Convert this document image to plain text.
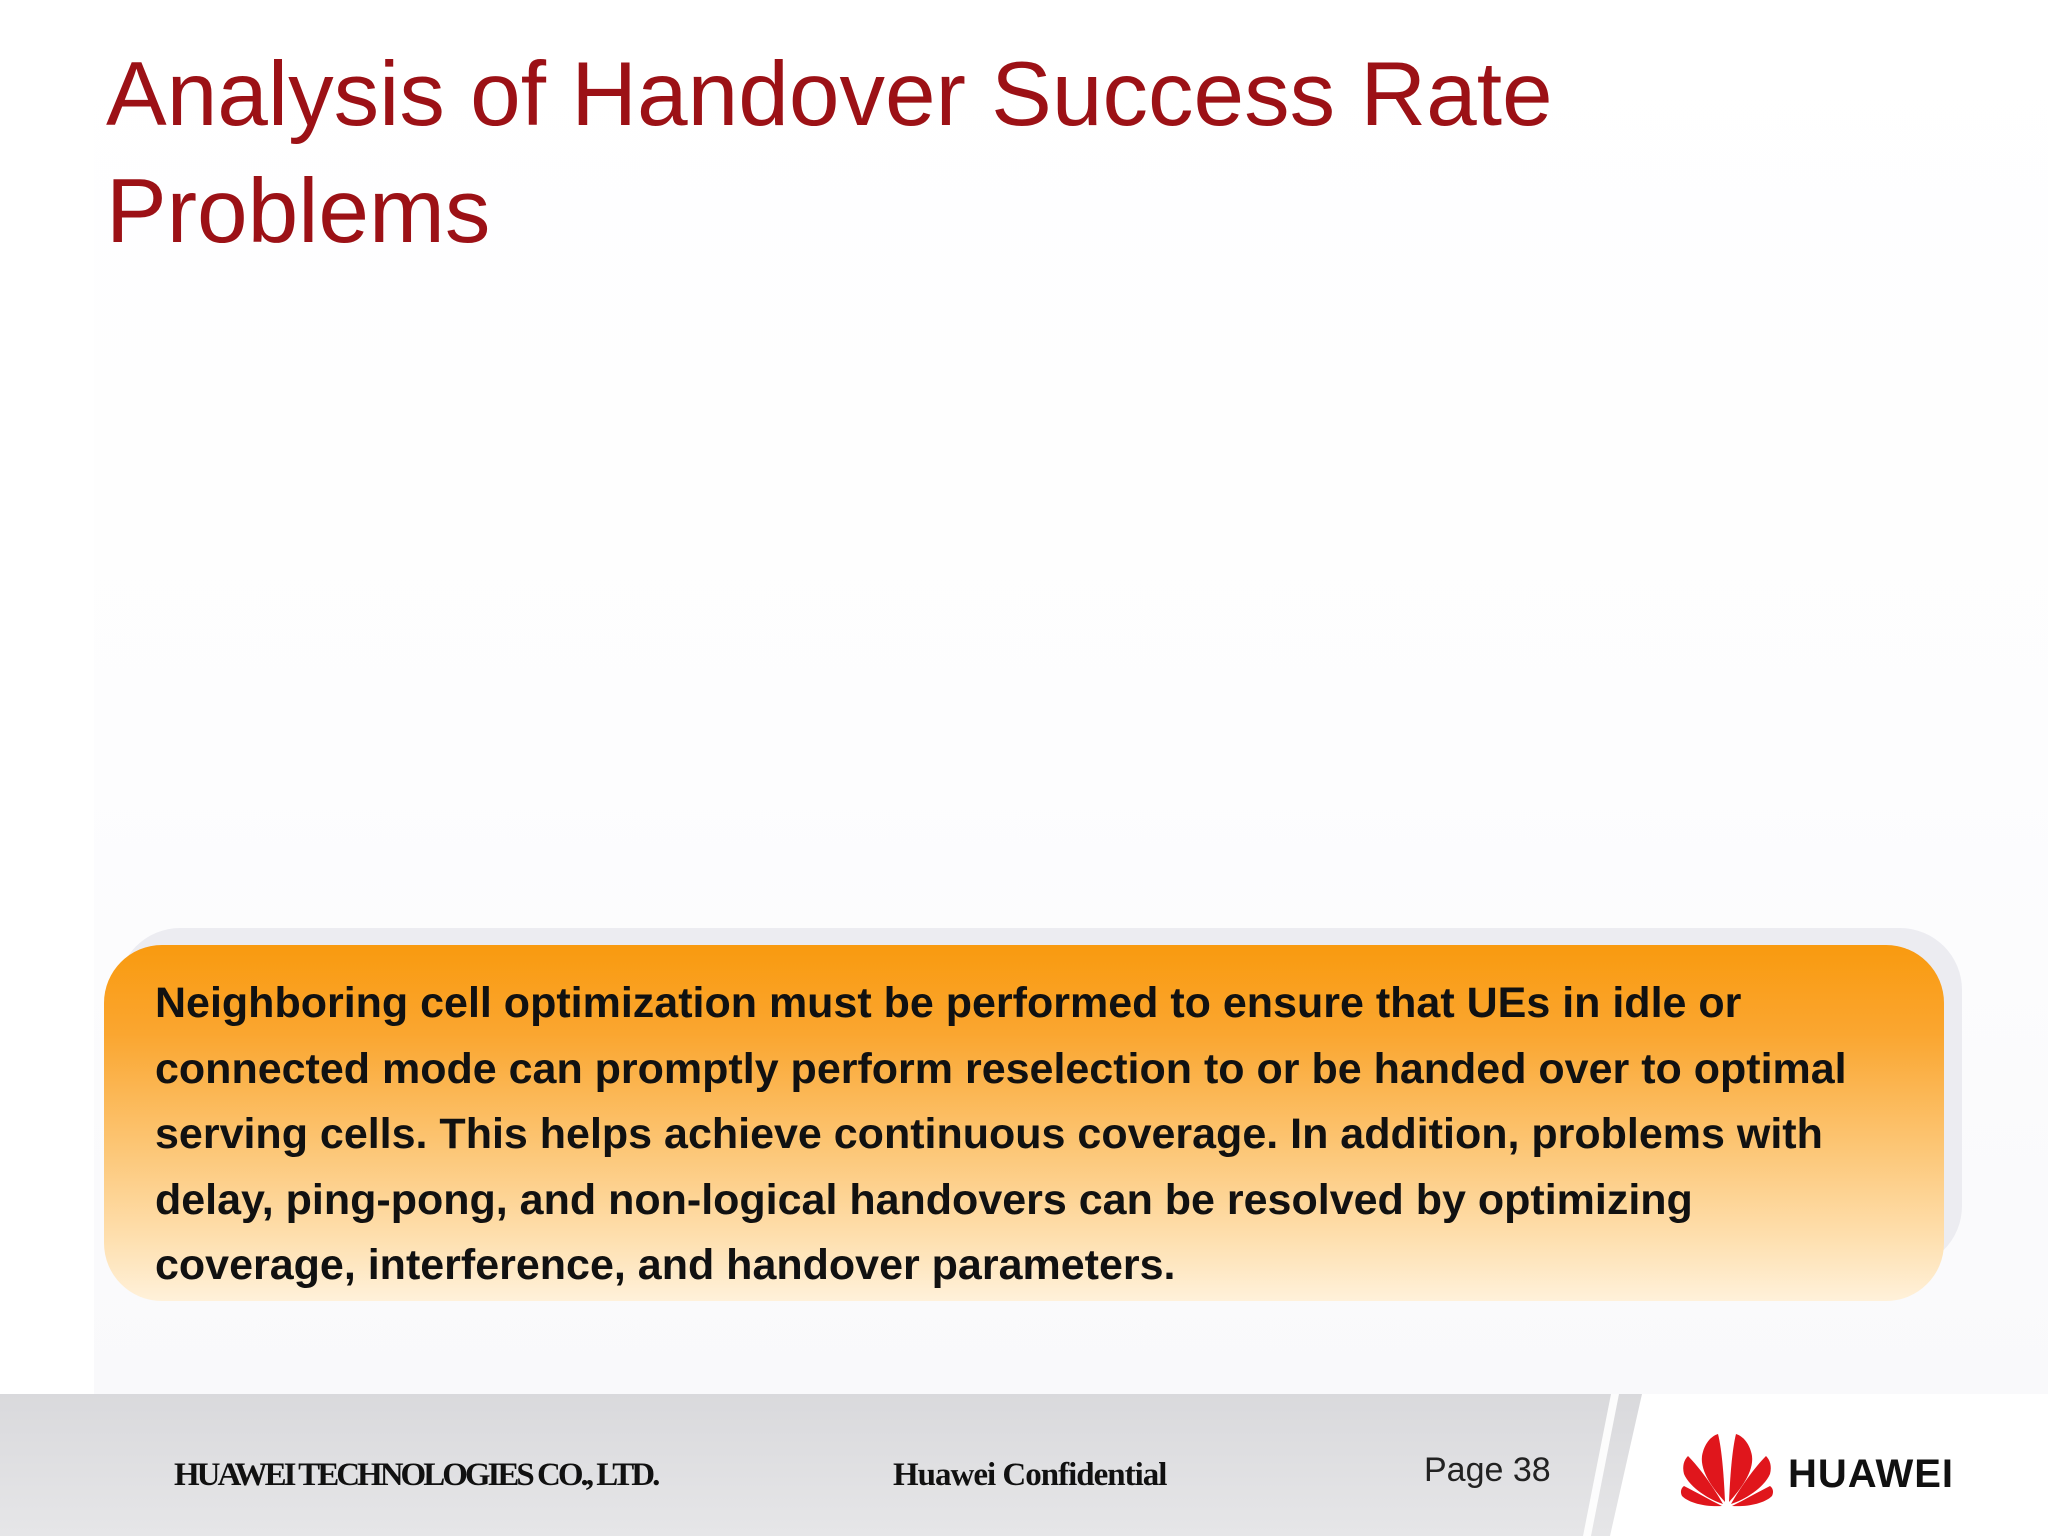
Analysis of Handover Success Rate Problems

Neighboring cell optimization must be performed to ensure that UEs in idle or connected mode can promptly perform reselection to or be handed over to optimal serving cells. This helps achieve continuous coverage. In addition, problems with delay, ping-pong, and non-logical handovers can be resolved by optimizing coverage, interference, and handover parameters.

HUAWEI TECHNOLOGIES CO., LTD.	Huawei Confidential	Page 38	HUAWEI
